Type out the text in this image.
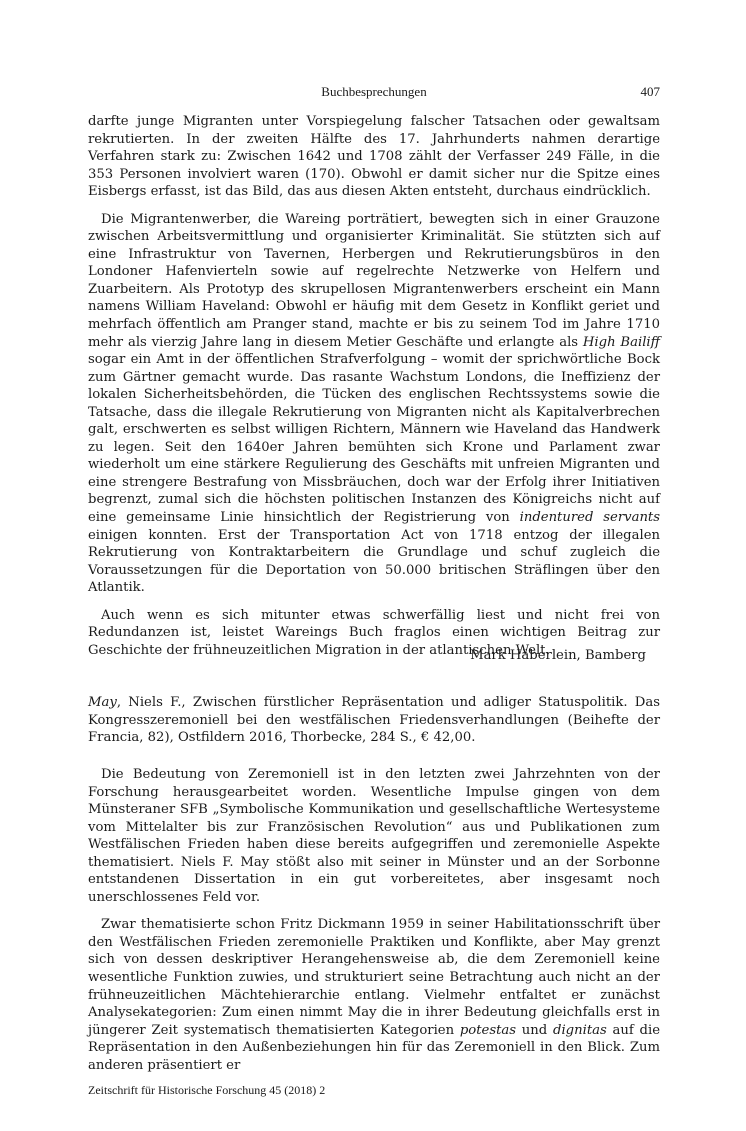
Buchbesprechungen	407

darfte junge Migranten unter Vorspiegelung falscher Tatsachen oder gewaltsam rekrutierten. In der zweiten Hälfte des 17. Jahrhunderts nahmen derartige Verfahren stark zu: Zwischen 1642 und 1708 zählt der Verfasser 249 Fälle, in die 353 Personen involviert waren (170). Obwohl er damit sicher nur die Spitze eines Eisbergs erfasst, ist das Bild, das aus diesen Akten entsteht, durchaus eindrücklich.

Die Migrantenwerber, die Wareing porträtiert, bewegten sich in einer Grauzone zwischen Arbeitsvermittlung und organisierter Kriminalität. Sie stützten sich auf eine Infrastruktur von Tavernen, Herbergen und Rekrutierungsbüros in den Londoner Hafenvierteln sowie auf regelrechte Netzwerke von Helfern und Zuarbeitern. Als Prototyp des skrupellosen Migrantenwerbers erscheint ein Mann namens William Haveland: Obwohl er häufig mit dem Gesetz in Konflikt geriet und mehrfach öffentlich am Pranger stand, machte er bis zu seinem Tod im Jahre 1710 mehr als vierzig Jahre lang in diesem Metier Geschäfte und erlangte als High Bailiff sogar ein Amt in der öffentlichen Strafverfolgung – womit der sprichwörtliche Bock zum Gärtner gemacht wurde. Das rasante Wachstum Londons, die Ineffizienz der lokalen Sicherheitsbehörden, die Tücken des englischen Rechtssystems sowie die Tatsache, dass die illegale Rekrutierung von Migranten nicht als Kapitalverbrechen galt, erschwerten es selbst willigen Richtern, Männern wie Haveland das Handwerk zu legen. Seit den 1640er Jahren bemühten sich Krone und Parlament zwar wiederholt um eine stärkere Regulierung des Geschäfts mit unfreien Migranten und eine strengere Bestrafung von Missbräuchen, doch war der Erfolg ihrer Initiativen begrenzt, zumal sich die höchsten politischen Instanzen des Königreichs nicht auf eine gemeinsame Linie hinsichtlich der Registrierung von indentured servants einigen konnten. Erst der Transportation Act von 1718 entzog der illegalen Rekrutierung von Kontraktarbeitern die Grundlage und schuf zugleich die Voraussetzungen für die Deportation von 50.000 britischen Sträflingen über den Atlantik.

Auch wenn es sich mitunter etwas schwerfällig liest und nicht frei von Redundanzen ist, leistet Wareings Buch fraglos einen wichtigen Beitrag zur Geschichte der frühneuzeitlichen Migration in der atlantischen Welt.

Mark Häberlein, Bamberg
May, Niels F., Zwischen fürstlicher Repräsentation und adliger Statuspolitik. Das Kongresszeremoniell bei den westfälischen Friedensverhandlungen (Beihefte der Francia, 82), Ostfildern 2016, Thorbecke, 284 S., € 42,00.

Die Bedeutung von Zeremoniell ist in den letzten zwei Jahrzehnten von der Forschung herausgearbeitet worden. Wesentliche Impulse gingen von dem Münsteraner SFB „Symbolische Kommunikation und gesellschaftliche Wertesysteme vom Mittelalter bis zur Französischen Revolution“ aus und Publikationen zum Westfälischen Frieden haben diese bereits aufgegriffen und zeremonielle Aspekte thematisiert. Niels F. May stößt also mit seiner in Münster und an der Sorbonne entstandenen Dissertation in ein gut vorbereitetes, aber insgesamt noch unerschlossenes Feld vor.

Zwar thematisierte schon Fritz Dickmann 1959 in seiner Habilitationsschrift über den Westfälischen Frieden zeremonielle Praktiken und Konflikte, aber May grenzt sich von dessen deskriptiver Herangehensweise ab, die dem Zeremoniell keine wesentliche Funktion zuwies, und strukturiert seine Betrachtung auch nicht an der frühneuzeitlichen Mächtehierarchie entlang. Vielmehr entfaltet er zunächst Analysekategorien: Zum einen nimmt May die in ihrer Bedeutung gleichfalls erst in jüngerer Zeit systematisch thematisierten Kategorien potestas und dignitas auf die Repräsentation in den Außenbeziehungen hin für das Zeremoniell in den Blick. Zum anderen präsentiert er

Zeitschrift für Historische Forschung 45 (2018) 2
